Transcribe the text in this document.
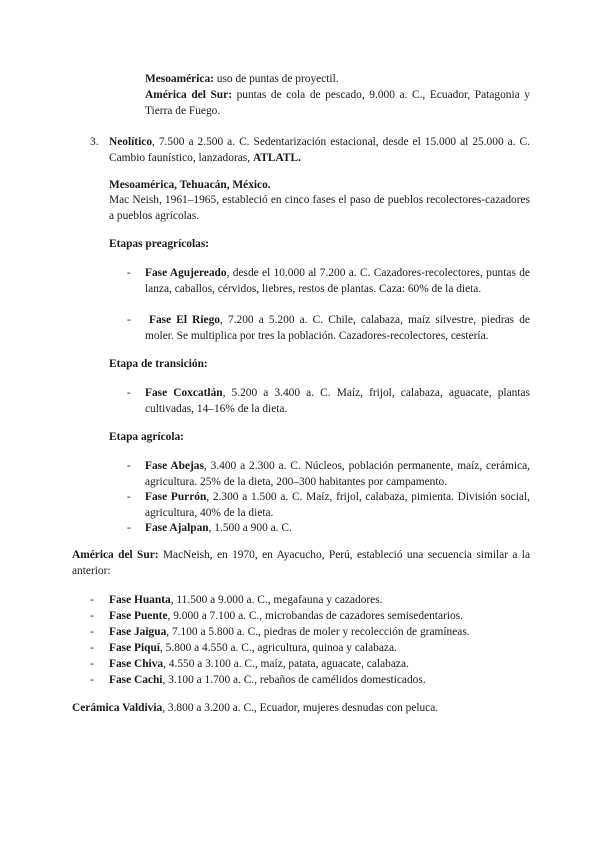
Mesoamérica: uso de puntas de proyectil.
América del Sur: puntas de cola de pescado, 9.000 a. C., Ecuador, Patagonia y Tierra de Fuego.
3. Neolítico, 7.500 a 2.500 a. C. Sedentarización estacional, desde el 15.000 al 25.000 a. C. Cambio faunístico, lanzadoras, ATLATL.
Mesoamérica, Tehuacán, México.
Mac Neish, 1961–1965, estableció en cinco fases el paso de pueblos recolectores-cazadores a pueblos agrícolas.
Etapas preagrícolas:
- Fase Agujereado, desde el 10.000 al 7.200 a. C. Cazadores-recolectores, puntas de lanza, caballos, cérvidos, liebres, restos de plantas. Caza: 60% de la dieta.
-	Fase El Riego, 7.200 a 5.200 a. C. Chile, calabaza, maíz silvestre, piedras de moler. Se multiplica por tres la población. Cazadores-recolectores, cestería.
Etapa de transición:
- Fase Coxcatlán, 5.200 a 3.400 a. C. Maíz, frijol, calabaza, aguacate, plantas cultivadas, 14–16% de la dieta.
Etapa agrícola:
- Fase Abejas, 3.400 a 2.300 a. C. Núcleos, población permanente, maíz, cerámica, agricultura. 25% de la dieta, 200–300 habitantes por campamento.
- Fase Purrón, 2.300 a 1.500 a. C. Maíz, frijol, calabaza, pimienta. División social, agricultura, 40% de la dieta.
- Fase Ajalpan, 1.500 a 900 a. C.
América del Sur: MacNeish, en 1970, en Ayacucho, Perú, estableció una secuencia similar a la anterior:
- Fase Huanta, 11.500 a 9.000 a. C., megafauna y cazadores.
- Fase Puente, 9.000 a 7.100 a. C., microbandas de cazadores semisedentarios.
- Fase Jaigua, 7.100 a 5.800 a. C., piedras de moler y recolección de gramíneas.
- Fase Piquí, 5.800 a 4.550 a. C., agricultura, quinoa y calabaza.
- Fase Chiva, 4.550 a 3.100 a. C., maíz, patata, aguacate, calabaza.
- Fase Cachi, 3.100 a 1.700 a. C., rebaños de camélidos domesticados.
Cerámica Valdivia, 3.800 a 3.200 a. C., Ecuador, mujeres desnudas con peluca.
